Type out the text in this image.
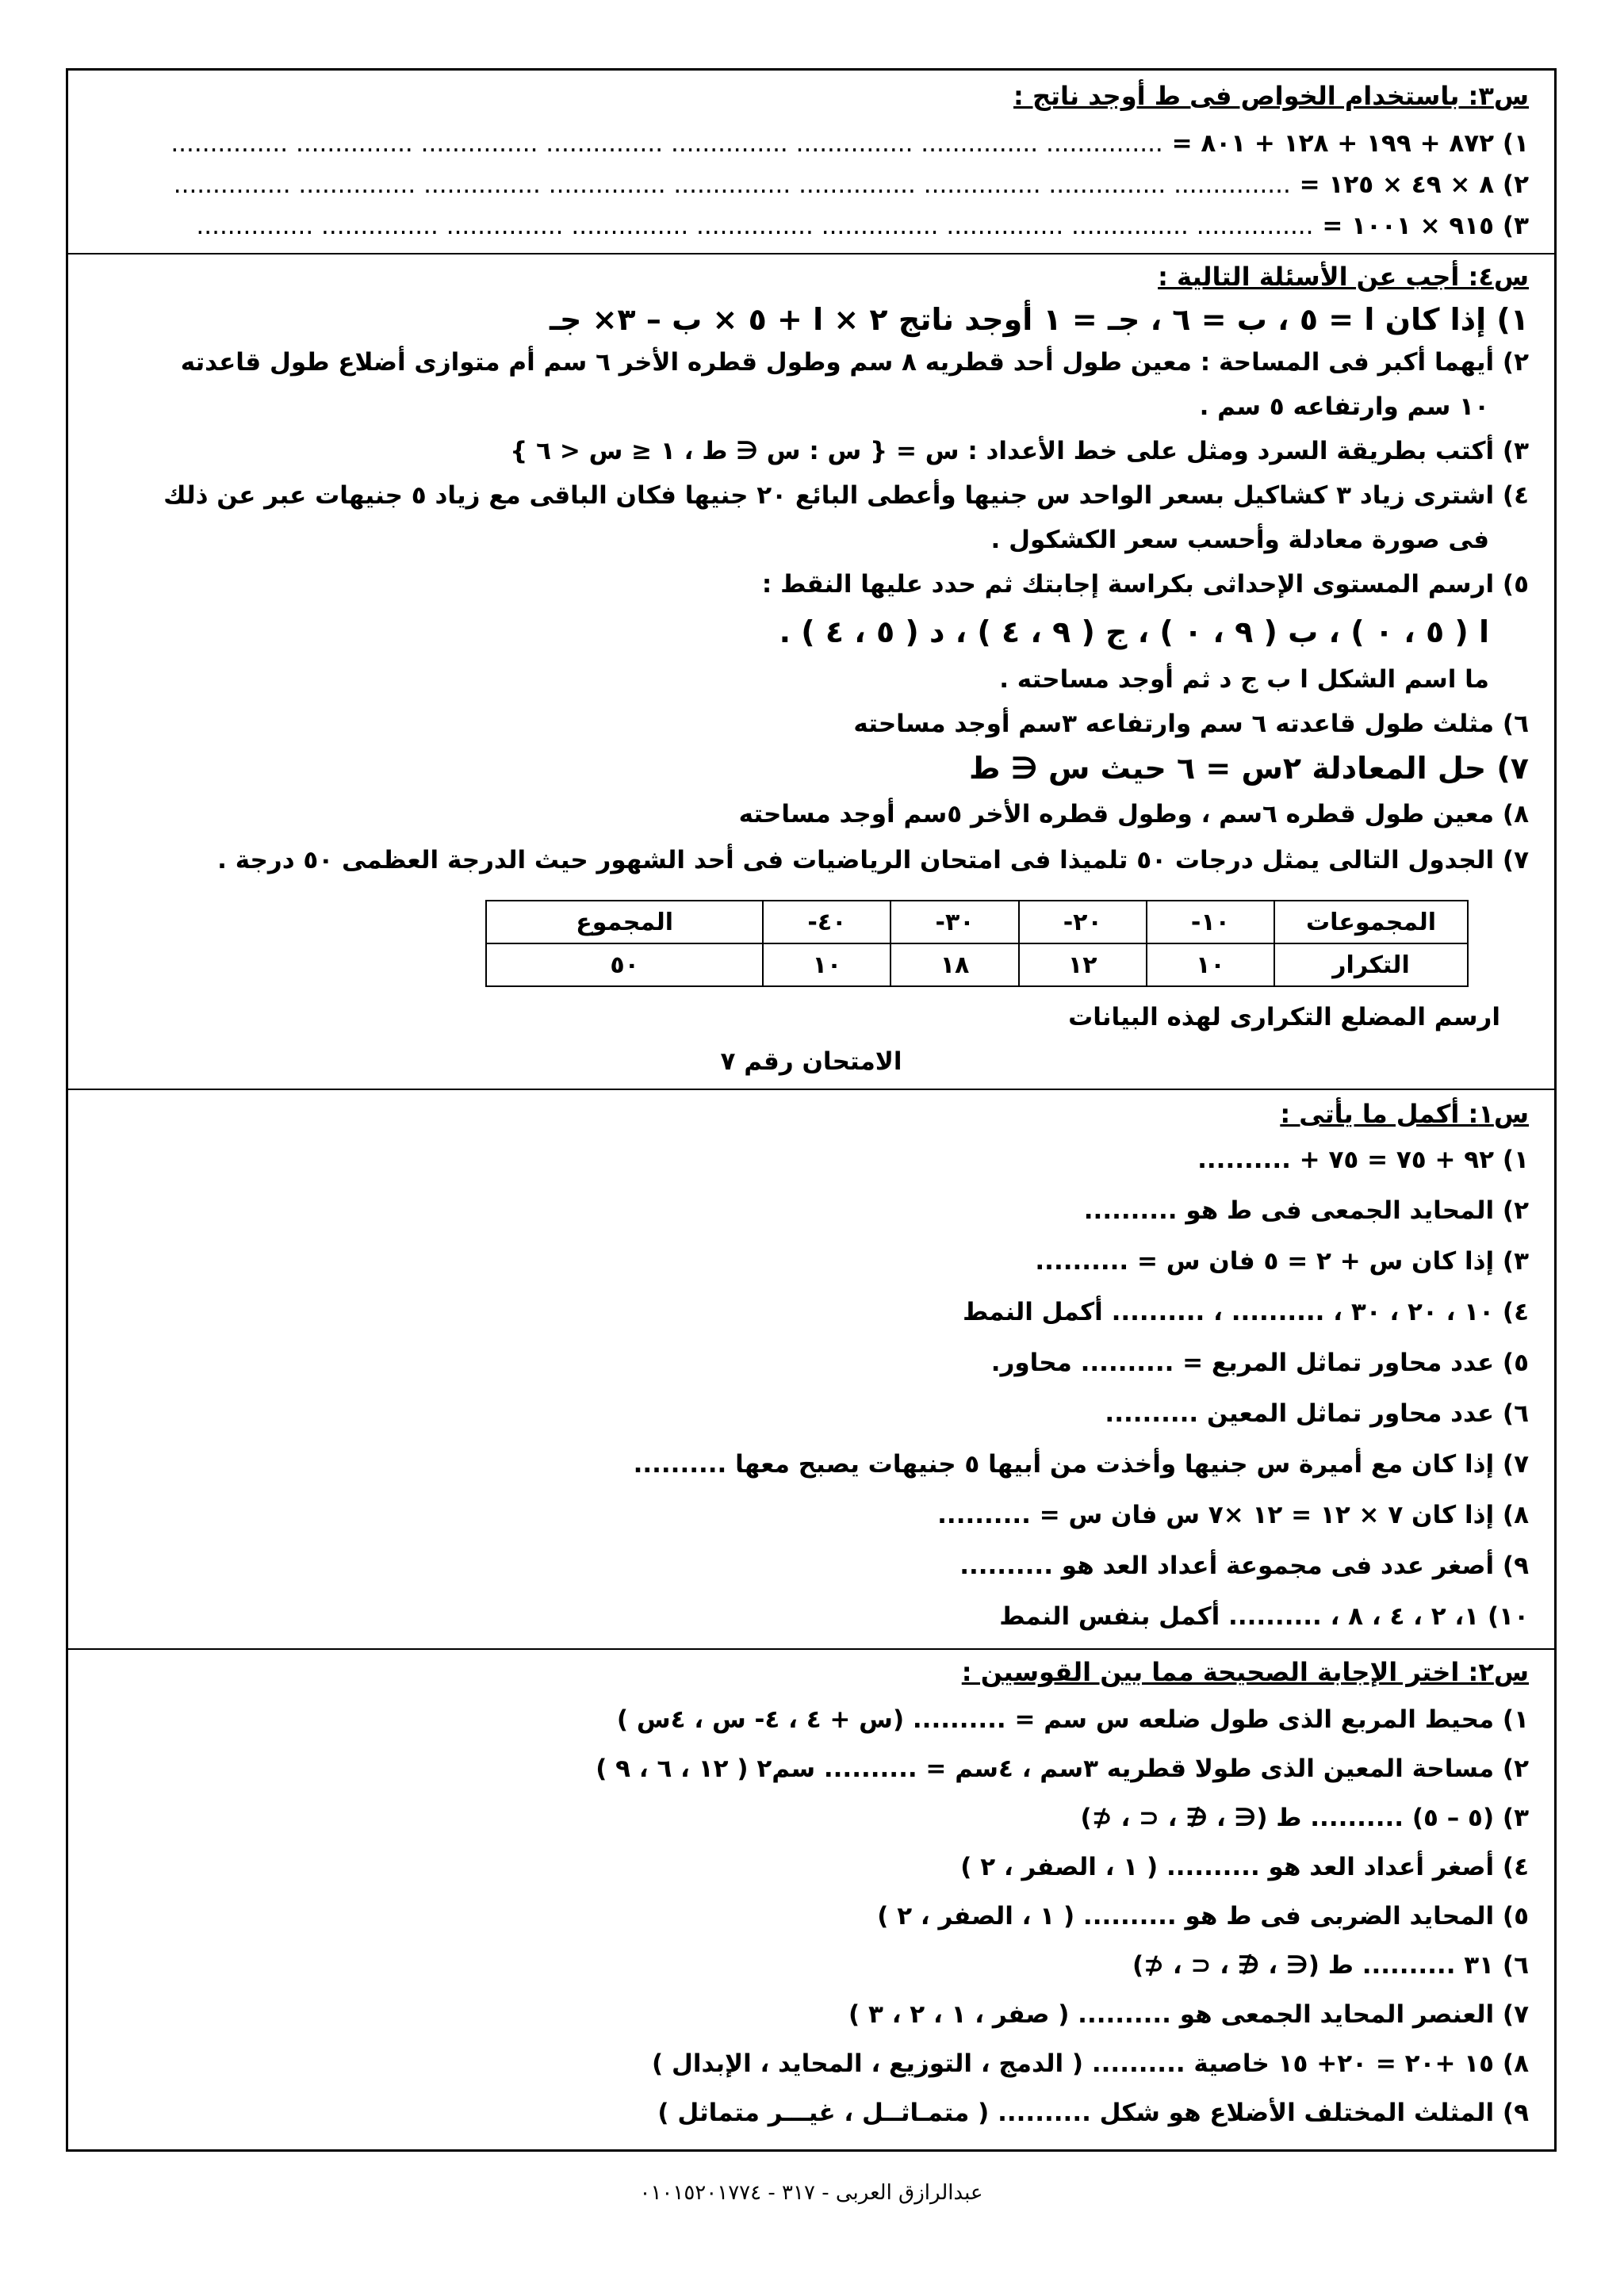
س٣: باستخدام الخواص فى ط أوجد ناتج :
١) ٨٧٢ + ١٩٩ + ١٢٨ + ٨٠١ = ............... ............... ............... ............... ............... ............... ............... ...............
٢) ٨ × ٤٩ × ١٢٥ = ............... ............... ............... ............... ............... ............... ............... ............... ...............
٣) ٩١٥ × ١٠٠١ = ............... ............... ............... ............... ............... ............... ............... ............... ...............
س٤: أجب عن الأسئلة التالية :
١) إذا كان ا = ٥ ، ب = ٦ ، جـ = ١ أوجد ناتج ٢ × ا + ٥ × ب – ٣× جـ
٢) أيهما أكبر فى المساحة : معين طول أحد قطريه ٨ سم وطول قطره الأخر ٦ سم أم متوازى أضلاع طول قاعدته
١٠ سم وارتفاعه ٥ سم .
٣) أكتب بطريقة السرد ومثل على خط الأعداد : س = { س : س ∈ ط ، ١ ≤ س < ٦ }
٤) اشترى زياد ٣ كشاكيل بسعر الواحد س جنيها وأعطى البائع ٢٠ جنيها فكان الباقى مع زياد ٥ جنيهات عبر عن ذلك
فى صورة معادلة وأحسب سعر الكشكول .
٥) ارسم المستوى الإحداثى بكراسة إجابتك ثم حدد عليها النقط :
ا ( ٥ ، ٠ ) ، ب ( ٩ ، ٠ ) ، ج ( ٩ ، ٤ ) ، د ( ٥ ، ٤ ) .
ما اسم الشكل ا ب ج د ثم أوجد مساحته .
٦) مثلث طول قاعدته ٦ سم وارتفاعه ٣سم أوجد مساحته
٧) حل المعادلة ٢س = ٦ حيث س ∈ ط
٨) معين طول قطره ٦سم ، وطول قطره الأخر ٥سم أوجد مساحته
٧) الجدول التالى يمثل درجات ٥٠ تلميذا فى امتحان الرياضيات فى أحد الشهور حيث الدرجة العظمى ٥٠ درجة .
المجموعات	١٠-	٢٠-	٣٠-	٤٠-	المجموع
التكرار	١٠	١٢	١٨	١٠	٥٠
ارسم المضلع التكرارى لهذه البيانات
الامتحان رقم ٧
س١: أكمل ما يأتى :
١) ٩٢ + ٧٥ = ٧٥ + ..........
٢) المحايد الجمعى فى ط هو ..........
٣) إذا كان س + ٢ = ٥ فان س = ..........
٤) ١٠ ، ٢٠ ، ٣٠ ، .......... ، .......... أكمل النمط
٥) عدد محاور تماثل المربع = .......... محاور.
٦) عدد محاور تماثل المعين ..........
٧) إذا كان مع أميرة س جنيها وأخذت من أبيها ٥ جنيهات يصبح معها ..........
٨) إذا كان ٧ × ١٢ = ١٢ ×٧ س فان س = ..........
٩) أصغر عدد فى مجموعة أعداد العد هو ..........
١٠) ١، ٢ ، ٤ ، ٨ ، .......... أكمل بنفس النمط
س٢: اختر الإجابة الصحيحة مما بين القوسين :
١) محيط المربع الذى طول ضلعه س سم = .......... (س + ٤ ، ٤- س ، ٤س )
٢) مساحة المعين الذى طولا قطريه ٣سم ، ٤سم = .......... سم٢ ( ١٢ ، ٦ ، ٩ )
٣) (٥ – ٥) .......... ط (∈ ، ∉ ، ⊂ ، ⊄)
٤) أصغر أعداد العد هو .......... ( ١ ، الصفر ، ٢ )
٥) المحايد الضربى فى ط هو .......... ( ١ ، الصفر ، ٢ )
٦) ٣١ .......... ط (∈ ، ∉ ، ⊂ ، ⊄)
٧) العنصر المحايد الجمعى هو .......... ( صفر ، ١ ، ٢ ، ٣ )
٨) ١٥ +٢٠ = ٢٠+ ١٥ خاصية .......... ( الدمج ، التوزيع ، المحايد ، الإبدال )
٩) المثلث المختلف الأضلاع هو شكل .......... ( متمـاثــل ، غيـــر متماثل )
عبدالرازق العربى - ٣١٧ - ٠١٠١٥٢٠١٧٧٤
